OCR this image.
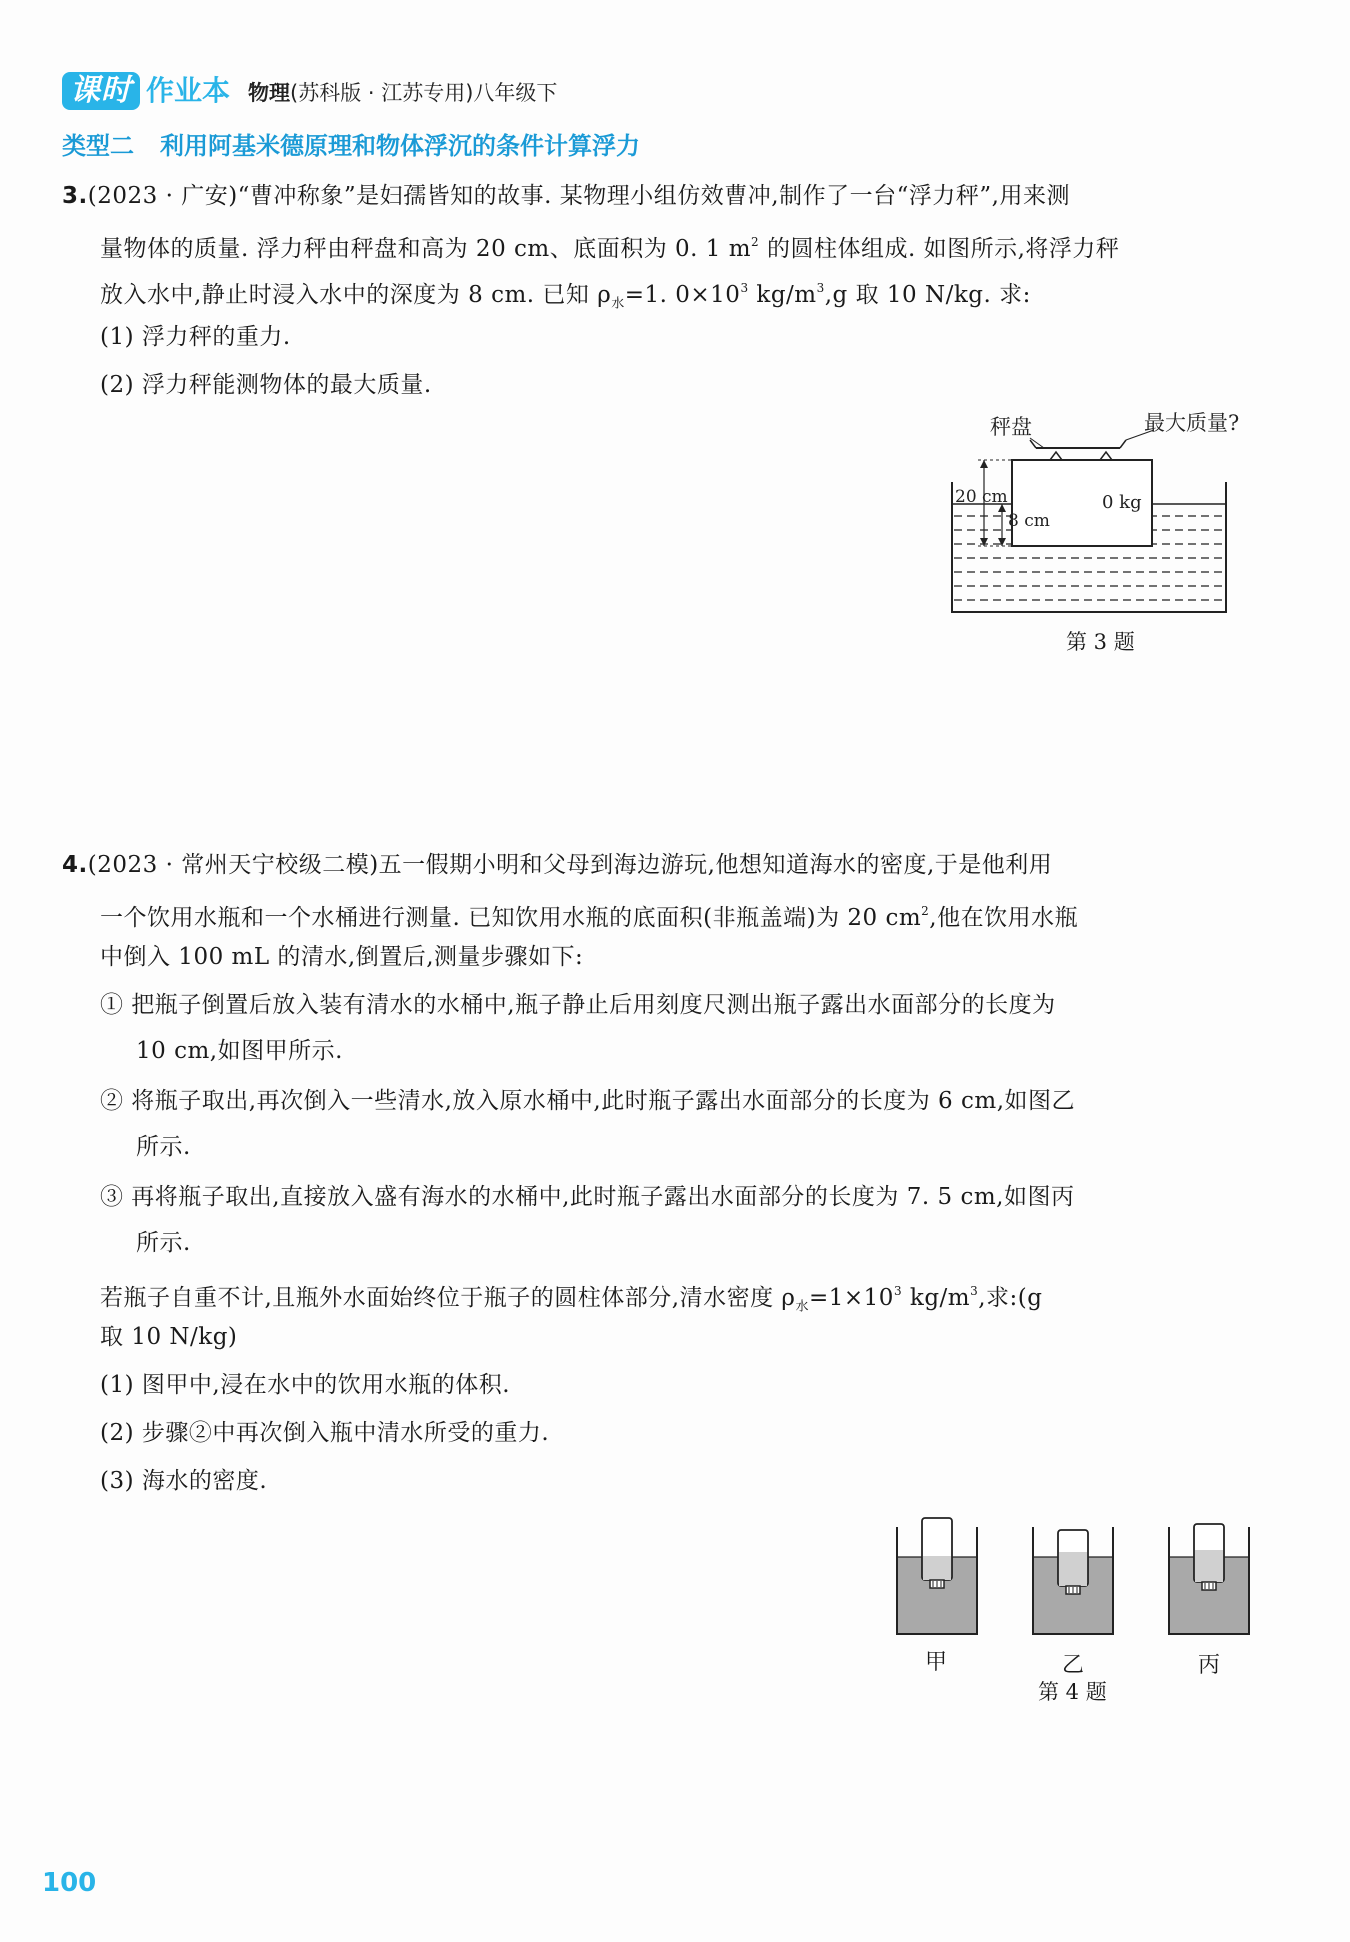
课时 作业本 物理(苏科版 · 江苏专用)八年级下
类型二 利用阿基米德原理和物体浮沉的条件计算浮力
3.(2023 · 广安)“曹冲称象”是妇孺皆知的故事. 某物理小组仿效曹冲,制作了一台“浮力秤”,用来测
量物体的质量. 浮力秤由秤盘和高为 20 cm、底面积为 0. 1 $m^2$ 的圆柱体组成. 如图所示,将浮力秤
放入水中,静止时浸入水中的深度为 8 cm. 已知 $\rho_水=1$. $0\times 10^3$ $kg/m^3,g$ 取 10 N/kg. 求:
(1) 浮力秤的重力.
(2) 浮力秤能测物体的最大质量.
秤盘	最大质量?
20 cm
8 cm
0 kg
第 3 题
4.(2023 · 常州天宁校级二模)五一假期小明和父母到海边游玩,他想知道海水的密度,于是他利用
一个饮用水瓶和一个水桶进行测量. 已知饮用水瓶的底面积(非瓶盖端)为 20 $cm^2$,他在饮用水瓶
中倒入 100 mL 的清水,倒置后,测量步骤如下:
① 把瓶子倒置后放入装有清水的水桶中,瓶子静止后用刻度尺测出瓶子露出水面部分的长度为
10 cm,如图甲所示.
② 将瓶子取出,再次倒入一些清水,放入原水桶中,此时瓶子露出水面部分的长度为 6 cm,如图乙
所示.
③ 再将瓶子取出,直接放入盛有海水的水桶中,此时瓶子露出水面部分的长度为 7. 5 cm,如图丙
所示.
若瓶子自重不计,且瓶外水面始终位于瓶子的圆柱体部分,清水密度 $\rho_水=1\times 10^3$ $kg/m^3$,求:(g
取 10 N/kg)
(1) 图甲中,浸在水中的饮用水瓶的体积.
(2) 步骤②中再次倒入瓶中清水所受的重力.
(3) 海水的密度.
甲	乙	丙
第 4 题
100
